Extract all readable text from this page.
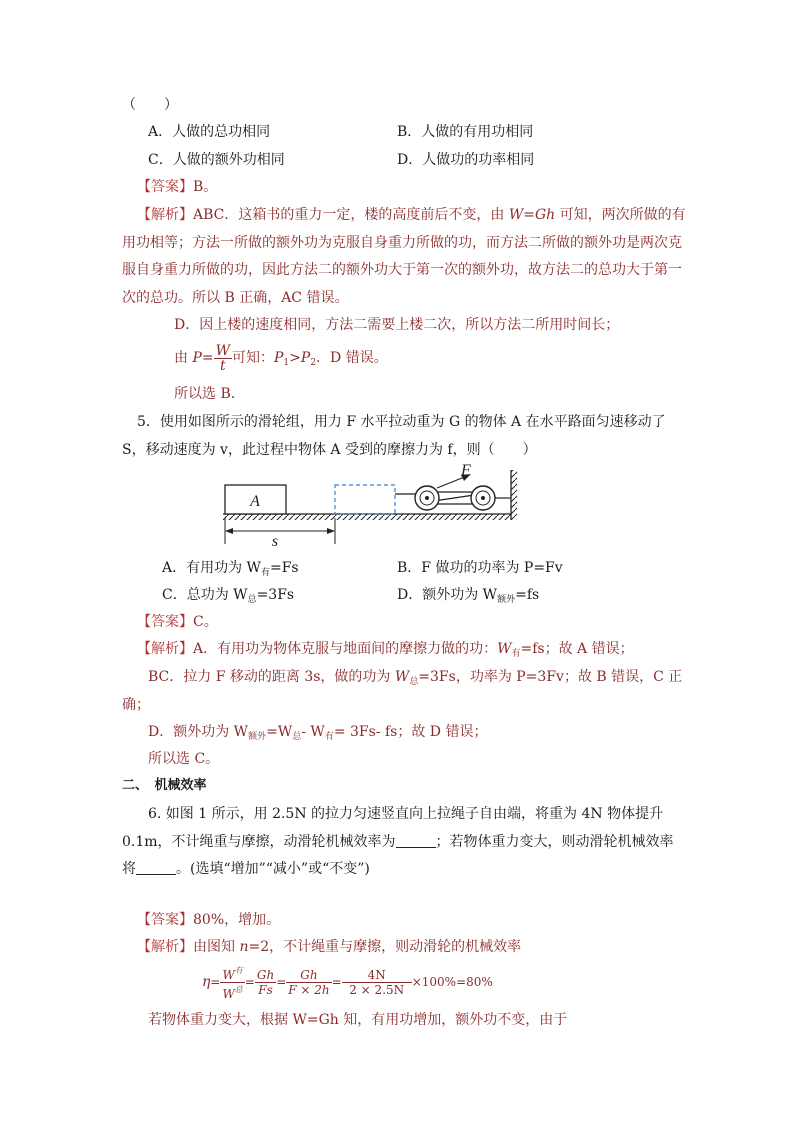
（　　）
A．人做的总功相同	B．人做的有用功相同
C．人做的额外功相同	D．人做功的功率相同
【答案】B。
【解析】ABC．这箱书的重力一定，楼的高度前后不变，由 W=Gh 可知，两次所做的有
用功相等；方法一所做的额外功为克服自身重力所做的功，而方法二所做的额外功是两次克
服自身重力所做的功，因此方法二的额外功大于第一次的额外功，故方法二的总功大于第一
次的总功。所以 B 正确，AC 错误。
D．因上楼的速度相同，方法二需要上楼二次，所以方法二所用时间长；
由 $P= \frac{W}{t}$ 可知：$P_1>P_2$．D 错误。
所以选 B．
5．使用如图所示的滑轮组，用力 F 水平拉动重为 G 的物体 A 在水平路面匀速移动了
S，移动速度为 v，此过程中物体 A 受到的摩擦力为 f，则（　　）
A
F
s
A．有用功为 $W_有=Fs$	B．F 做功的功率为 P=Fv
C．总功为 $W_总=3Fs$	D．额外功为 $W_{额外}=fs$
【答案】C。
【解析】A．有用功为物体克服与地面间的摩擦力做的功：$W_有=fs$；故 A 错误；
BC．拉力 F 移动的距离 3s，做的功为 $W_总=3Fs$，功率为 P=3Fv；故 B 错误，C 正
确；
D．额外功为 $W_{额外}=W_总-$ $W_有= 3Fs-$ fs；故 D 错误；
所以选 C。
二、　机械效率
6. 如图 1 所示，用 2.5N 的拉力匀速竖直向上拉绳子自由端，将重为 4N 物体提升
0.1m，不计绳重与摩擦，动滑轮机械效率为	；若物体重力变大，则动滑轮机械效率
将	。(选填“增加”“减小”或“不变”)
【答案】80%，增加。
【解析】由图知 n=2，不计绳重与摩擦，则动滑轮的机械效率
$\eta= \frac{W^有}{W^总} = \frac{Gh}{Fs} = \frac{Gh}{F \times 2h} = \frac{4N}{2 \times 2.5N} \times 100\%=80\%$
若物体重力变大，根据 W=Gh 知，有用功增加，额外功不变，由于
